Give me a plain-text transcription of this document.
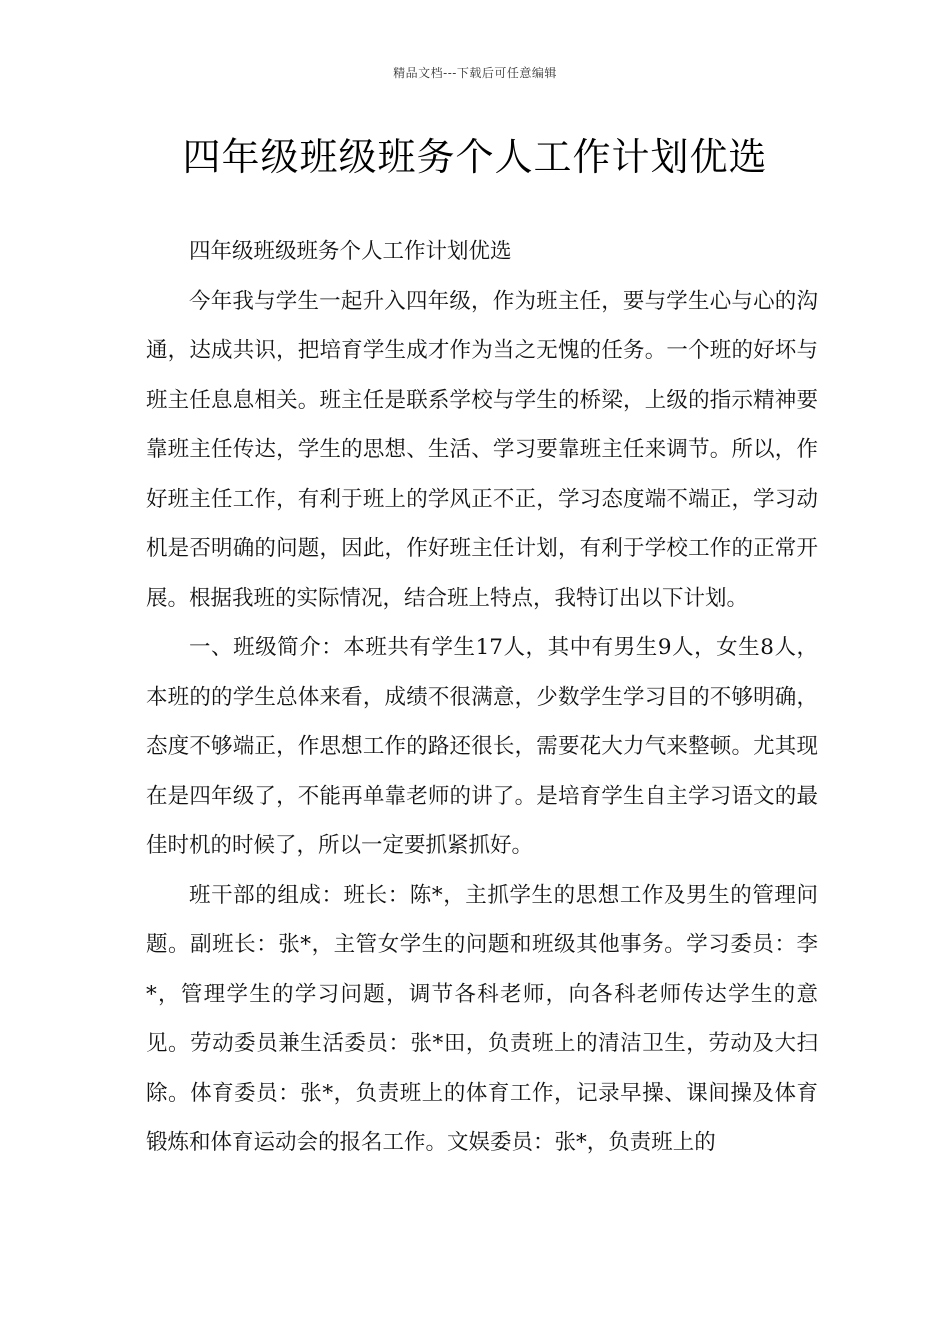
精品文档---下载后可任意编辑
四年级班级班务个人工作计划优选

四年级班级班务个人工作计划优选

今年我与学生一起升入四年级，作为班主任，要与学生心与心的沟通，达成共识，把培育学生成才作为当之无愧的任务。一个班的好坏与班主任息息相关。班主任是联系学校与学生的桥梁，上级的指示精神要靠班主任传达，学生的思想、生活、学习要靠班主任来调节。所以，作好班主任工作，有利于班上的学风正不正，学习态度端不端正，学习动机是否明确的问题，因此，作好班主任计划，有利于学校工作的正常开展。根据我班的实际情况，结合班上特点，我特订出以下计划。

一、班级简介：本班共有学生17人，其中有男生9人，女生8人，本班的的学生总体来看，成绩不很满意，少数学生学习目的不够明确，态度不够端正，作思想工作的路还很长，需要花大力气来整顿。尤其现在是四年级了，不能再单靠老师的讲了。是培育学生自主学习语文的最佳时机的时候了，所以一定要抓紧抓好。

班干部的组成：班长：陈*，主抓学生的思想工作及男生的管理问题。副班长：张*，主管女学生的问题和班级其他事务。学习委员：李*，管理学生的学习问题，调节各科老师，向各科老师传达学生的意见。劳动委员兼生活委员：张*田，负责班上的清洁卫生，劳动及大扫除。体育委员：张*，负责班上的体育工作，记录早操、课间操及体育锻炼和体育运动会的报名工作。文娱委员：张*，负责班上的
